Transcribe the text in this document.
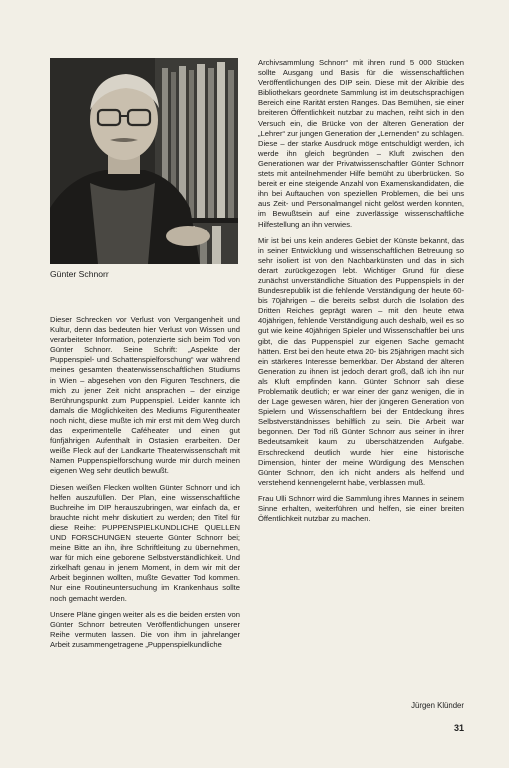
Günter Schnorr

Dieser Schrecken vor Verlust von Vergangenheit und Kultur, denn das bedeuten hier Verlust von Wissen und verarbeiteter Information, potenzierte sich beim Tod von Günter Schnorr. Seine Schrift: „Aspekte der Puppenspiel- und Schattenspielforschung“ war während meines gesamten theaterwissenschaftlichen Studiums in Wien – abgesehen von den Figuren Teschners, die mich zu jener Zeit nicht ansprachen – der einzige Berührungspunkt zum Puppenspiel. Leider kannte ich damals die Möglichkeiten des Mediums Figurentheater noch nicht, diese mußte ich mir erst mit dem Weg durch das experimentelle Caféheater und einen gut fünfjährigen Aufenthalt in Ostasien erarbeiten. Der weiße Fleck auf der Landkarte Theaterwissenschaft mit Namen Puppenspielforschung wurde mir durch meinen eigenen Weg sehr deutlich bewußt.

Diesen weißen Flecken wollten Günter Schnorr und ich helfen auszufüllen. Der Plan, eine wissenschaftliche Buchreihe im DIP herauszubringen, war einfach da, er brauchte nicht mehr diskutiert zu werden; den Titel für diese Reihe: PUPPENSPIELKUNDLICHE QUELLEN UND FORSCHUNGEN steuerte Günter Schnorr bei; meine Bitte an ihn, ihre Schriftleitung zu übernehmen, war für mich eine geborene Selbstverständlichkeit. Und zirkelhaft genau in jenem Moment, in dem wir mit der Arbeit beginnen wollten, mußte Gevatter Tod kommen. Nur eine Routineuntersuchung im Krankenhaus sollte noch gemacht werden.

Unsere Pläne gingen weiter als es die beiden ersten von Günter Schnorr betreuten Veröffentlichungen unserer Reihe vermuten lassen. Die von ihm in jahrelanger Arbeit zusammengetragene „Puppenspielkundliche

Archivsammlung Schnorr“ mit ihren rund 5 000 Stücken sollte Ausgang und Basis für die wissenschaftlichen Veröffentlichungen des DIP sein. Diese mit der Akribie des Bibliothekars geordnete Sammlung ist im deutschsprachigen Bereich eine Rarität ersten Ranges. Das Bemühen, sie einer breiteren Öffentlichkeit nutzbar zu machen, reiht sich in den Versuch ein, die Brücke von der älteren Generation der „Lehrer“ zur jungen Generation der „Lernenden“ zu schlagen. Diese – der starke Ausdruck möge entschuldigt werden, ich werde ihn gleich begründen – Kluft zwischen den Generationen war der Privatwissenschaftler Günter Schnorr stets mit anteilnehmender Hilfe bemüht zu überbrücken. So bereit er eine steigende Anzahl von Examenskandidaten, die ihn bei Auftauchen von speziellen Problemen, die bei uns aus Zeit- und Personalmangel nicht gelöst werden konnten, im Bewußtsein auf eine zuverlässige wissenschaftliche Hilfestellung an ihn verwies.

Mir ist bei uns kein anderes Gebiet der Künste bekannt, das in seiner Entwicklung und wissenschaftlichen Betreuung so sehr isoliert ist von den Nachbarkünsten und das in sich derart zurückgezogen lebt. Wichtiger Grund für diese zunächst unverständliche Situation des Puppenspiels in der Bundesrepublik ist die fehlende Verständigung der heute 60- bis 70jährigen – die bereits selbst durch die Isolation des Dritten Reiches geprägt waren – mit den heute etwa 40jährigen, fehlende Verständigung auch deshalb, weil es so gut wie keine 40jährigen Spieler und Wissenschaftler bei uns gibt, die das Puppenspiel zur eigenen Sache gemacht hätten. Erst bei den heute etwa 20- bis 25jährigen macht sich ein stärkeres Interesse bemerkbar. Der Abstand der älteren Generation zu ihnen ist jedoch derart groß, daß ich ihn nur als Kluft empfinden kann. Günter Schnorr sah diese Problematik deutlich; er war einer der ganz wenigen, die in der Lage gewesen wären, hier der jüngeren Generation von Spielern und Wissenschaftlern bei der Entdeckung ihres Selbstverständnisses behilflich zu sein. Die Arbeit war begonnen. Der Tod riß Günter Schnorr aus seiner in ihrer Bedeutsamkeit kaum zu überschätzenden Aufgabe. Erschreckend deutlich wurde hier eine historische Dimension, hinter der meine Würdigung des Menschen Günter Schnorr, den ich nicht anders als helfend und verstehend kennengelernt habe, verblassen muß.

Frau Ulli Schnorr wird die Sammlung ihres Mannes in seinem Sinne erhalten, weiterführen und helfen, sie einer breiten Öffentlichkeit nutzbar zu machen.

Jürgen Klünder
31
